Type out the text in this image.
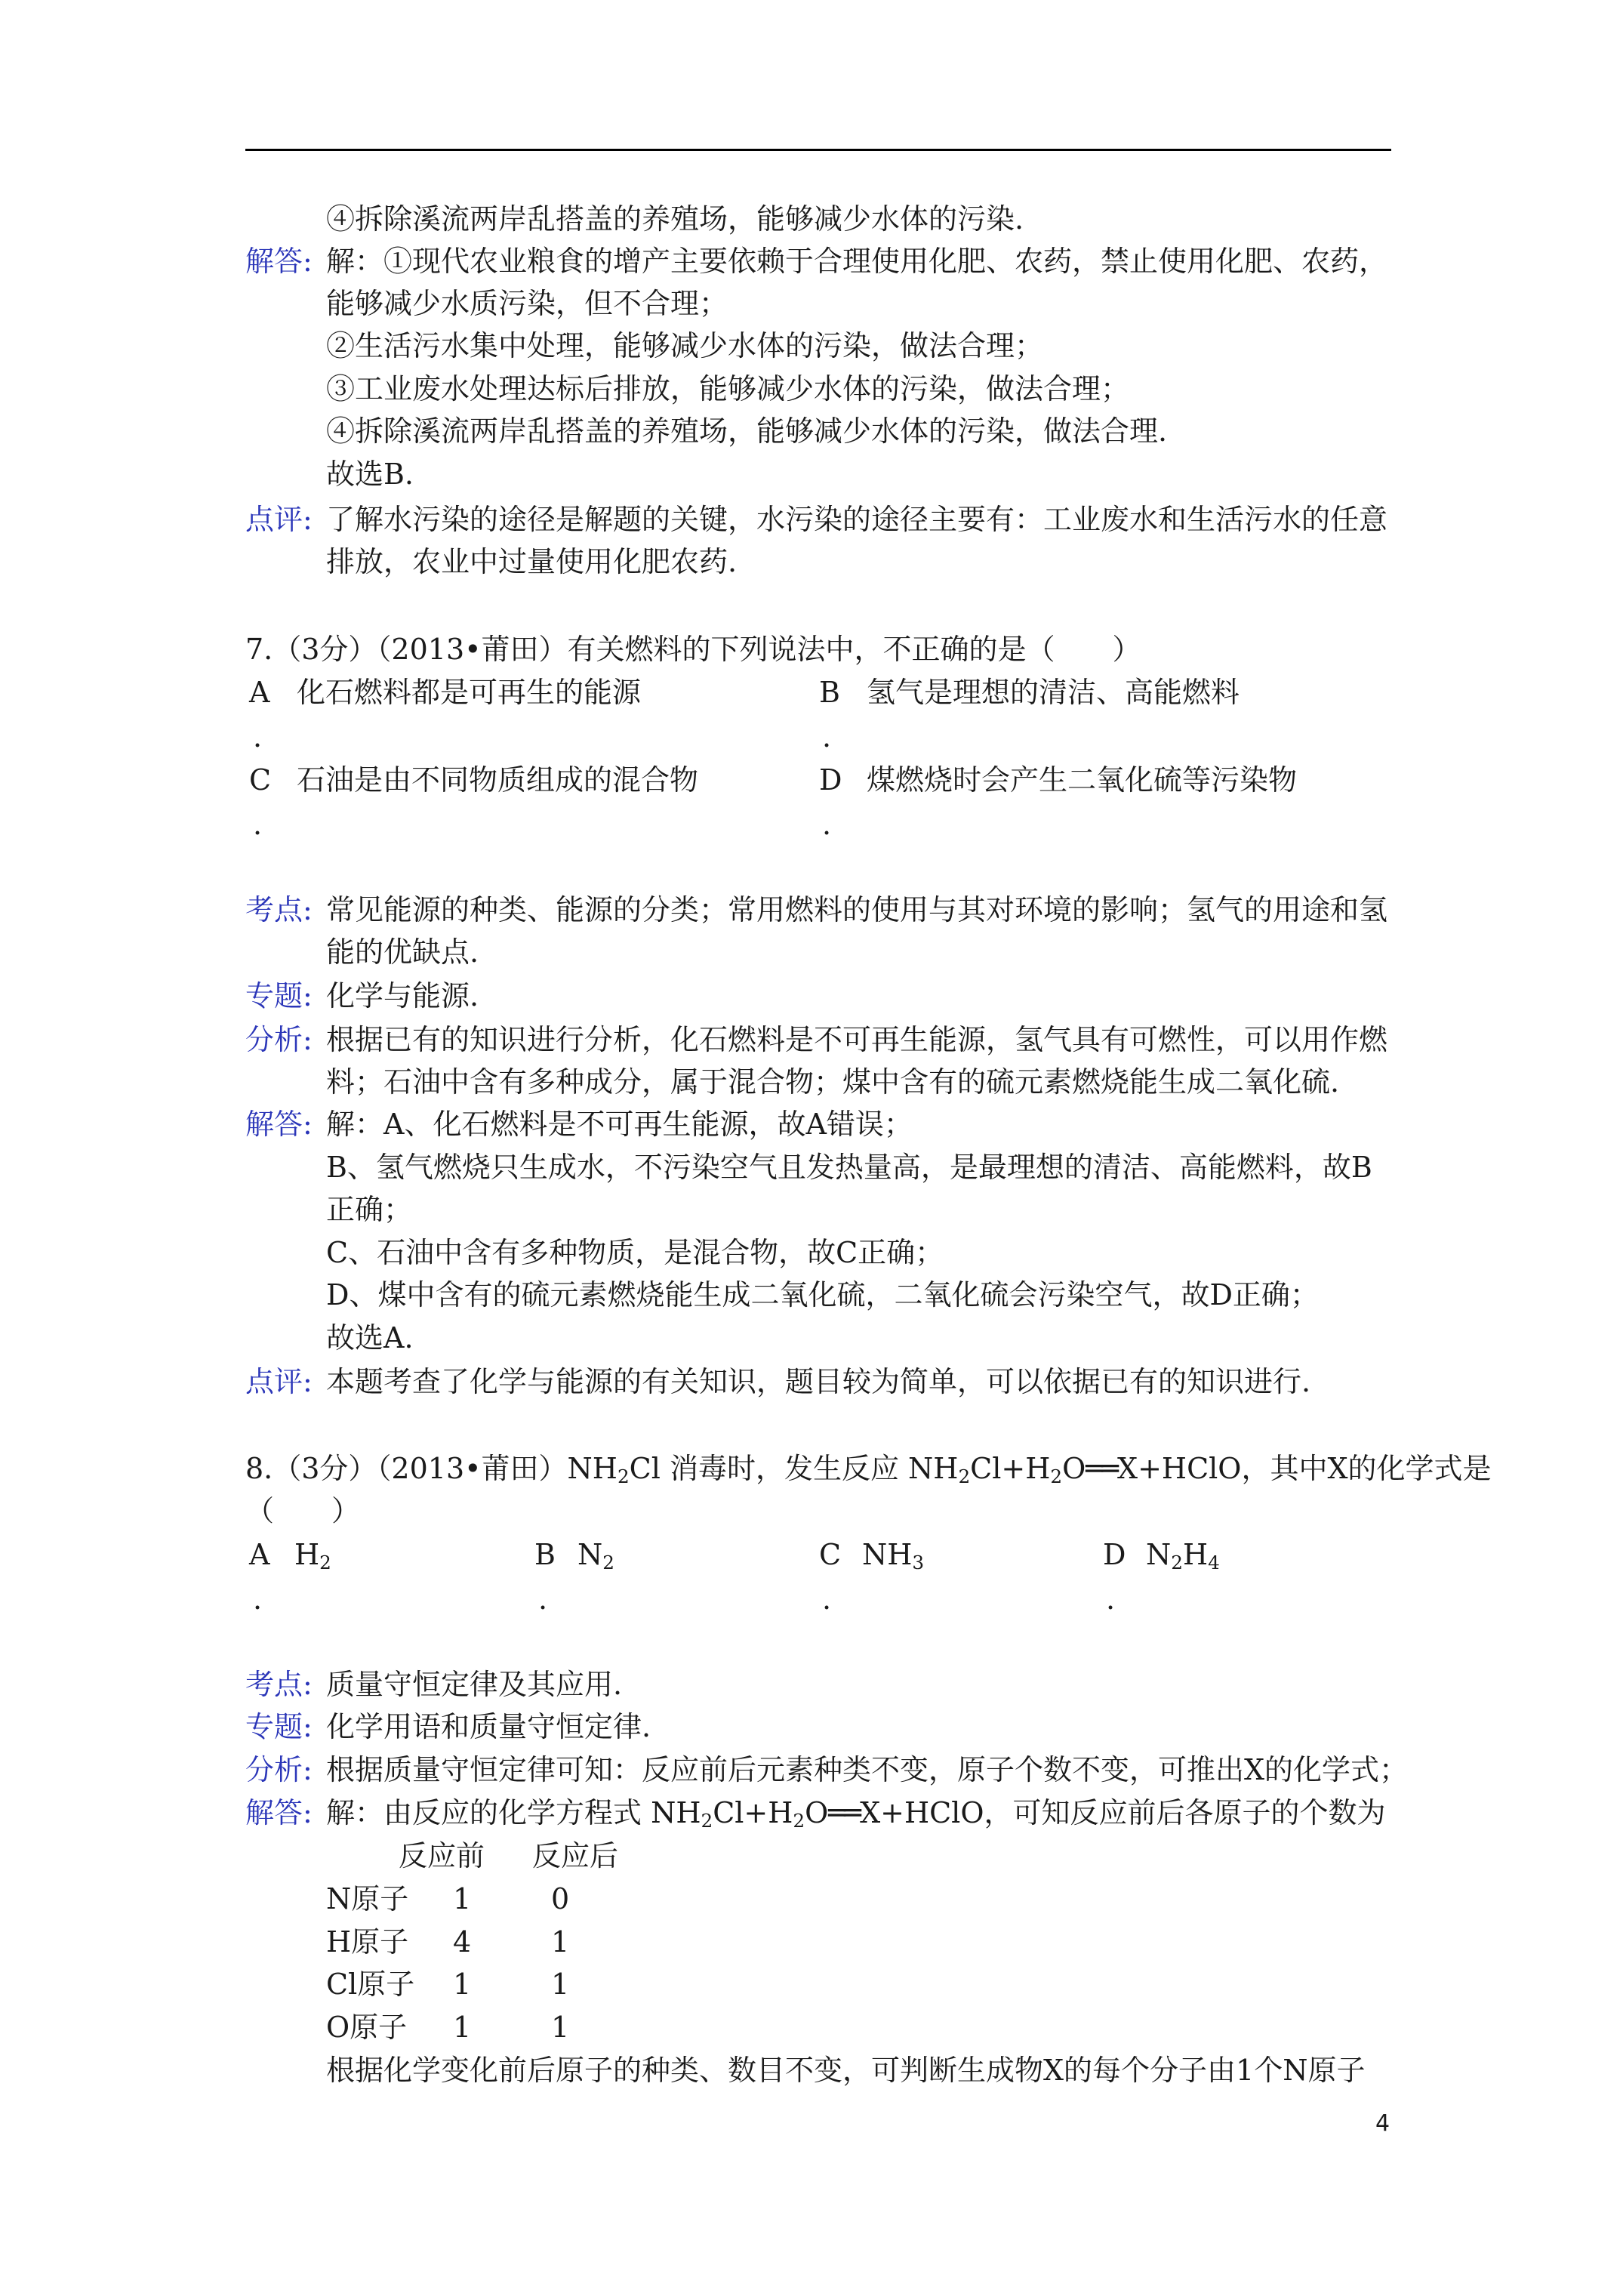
④拆除溪流两岸乱搭盖的养殖场，能够减少水体的污染.
解答: 解：①现代农业粮食的增产主要依赖于合理使用化肥、农药，禁止使用化肥、农药，
能够减少水质污染，但不合理；
②生活污水集中处理，能够减少水体的污染，做法合理；
③工业废水处理达标后排放，能够减少水体的污染，做法合理；
④拆除溪流两岸乱搭盖的养殖场，能够减少水体的污染，做法合理.
故选B.
点评: 了解水污染的途径是解题的关键，水污染的途径主要有：工业废水和生活污水的任意
排放，农业中过量使用化肥农药.
7.（3分）（2013•莆田）有关燃料的下列说法中，不正确的是（　　）
A 化石燃料都是可再生的能源
.
B 氢气是理想的清洁、高能燃料
.
C 石油是由不同物质组成的混合物
.
D 煤燃烧时会产生二氧化硫等污染物
.
考点: 常见能源的种类、能源的分类；常用燃料的使用与其对环境的影响；氢气的用途和氢
能的优缺点.
专题: 化学与能源.
分析: 根据已有的知识进行分析，化石燃料是不可再生能源，氢气具有可燃性，可以用作燃
料；石油中含有多种成分，属于混合物；煤中含有的硫元素燃烧能生成二氧化硫.
解答: 解：A、化石燃料是不可再生能源，故A错误；
B、氢气燃烧只生成水，不污染空气且发热量高，是最理想的清洁、高能燃料，故B
正确；
C、石油中含有多种物质，是混合物，故C正确；
D、煤中含有的硫元素燃烧能生成二氧化硫，二氧化硫会污染空气，故D正确；
故选A.
点评: 本题考查了化学与能源的有关知识，题目较为简单，可以依据已有的知识进行.
8.（3分）（2013•莆田）$NH_2Cl$ 消毒时，发生反应 $NH_2Cl+H_2O══X+HClO$，其中X的化学式是
（　　）
A $H_2$
.
B $N_2$
.
C $NH_3$
.
D $N_2H_4$
.
考点: 质量守恒定律及其应用.
专题: 化学用语和质量守恒定律.
分析: 根据质量守恒定律可知：反应前后元素种类不变，原子个数不变，可推出X的化学式；
解答: 解：由反应的化学方程式 $NH_2Cl+H_2O══X+HClO$，可知反应前后各原子的个数为
反应前 反应后
N原子 1	0
H原子 4	1
Cl原子 1	1
O原子 1	1
根据化学变化前后原子的种类、数目不变，可判断生成物X的每个分子由1个N原子
4
